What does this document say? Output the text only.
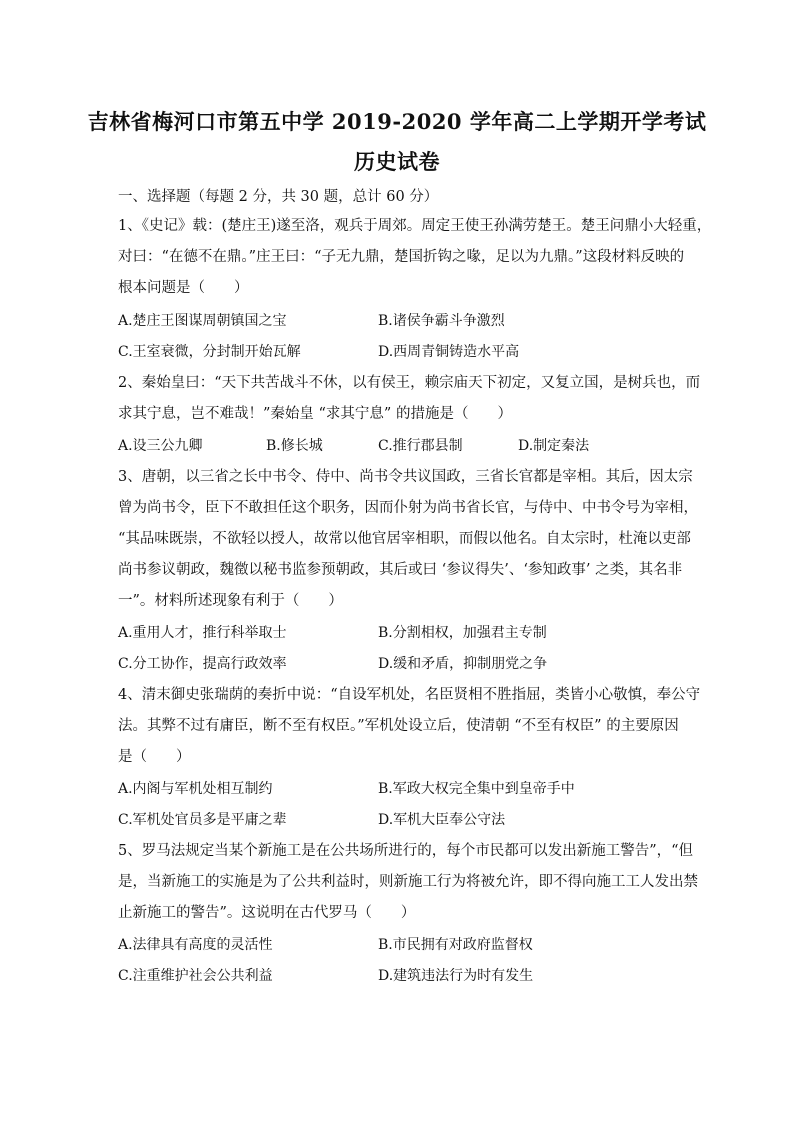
吉林省梅河口市第五中学 2019-2020 学年高二上学期开学考试
历史试卷
一、选择题（每题 2 分，共 30 题，总计 60 分）
1、《史记》载：(楚庄王)遂至洛，观兵于周郊。周定王使王孙满劳楚王。楚王问鼎小大轻重，
对曰：“在德不在鼎。”庄王曰：“子无九鼎，楚国折钩之喙，足以为九鼎。”这段材料反映的
根本问题是（　　）
A.楚庄王图谋周朝镇国之宝	B.诸侯争霸斗争激烈
C.王室衰微，分封制开始瓦解	D.西周青铜铸造水平高
2、秦始皇曰：“天下共苦战斗不休，以有侯王，赖宗庙天下初定，又复立国，是树兵也，而
求其宁息，岂不难哉！”秦始皇 “求其宁息” 的措施是（　　）
A.设三公九卿	B.修长城	C.推行郡县制	D.制定秦法
3、唐朝，以三省之长中书令、侍中、尚书令共议国政，三省长官都是宰相。其后，因太宗
曾为尚书令，臣下不敢担任这个职务，因而仆射为尚书省长官，与侍中、中书令号为宰相，
“其品味既崇，不欲轻以授人，故常以他官居宰相职，而假以他名。自太宗时，杜淹以吏部
尚书参议朝政，魏徵以秘书监参预朝政，其后或曰 ‘参议得失’、‘参知政事’ 之类，其名非
一”。材料所述现象有利于（　　）
A.重用人才，推行科举取士	B.分割相权，加强君主专制
C.分工协作，提高行政效率	D.缓和矛盾，抑制朋党之争
4、清末御史张瑞荫的奏折中说：“自设军机处，名臣贤相不胜指屈，类皆小心敬慎，奉公守
法。其弊不过有庸臣，断不至有权臣。”军机处设立后，使清朝 “不至有权臣” 的主要原因
是（　　）
A.内阁与军机处相互制约	B.军政大权完全集中到皇帝手中
C.军机处官员多是平庸之辈	D.军机大臣奉公守法
5、罗马法规定当某个新施工是在公共场所进行的，每个市民都可以发出新施工警告”，“但
是，当新施工的实施是为了公共利益时，则新施工行为将被允许，即不得向施工工人发出禁
止新施工的警告”。这说明在古代罗马（　　）
A.法律具有高度的灵活性	B.市民拥有对政府监督权
C.注重维护社会公共利益	D.建筑违法行为时有发生
